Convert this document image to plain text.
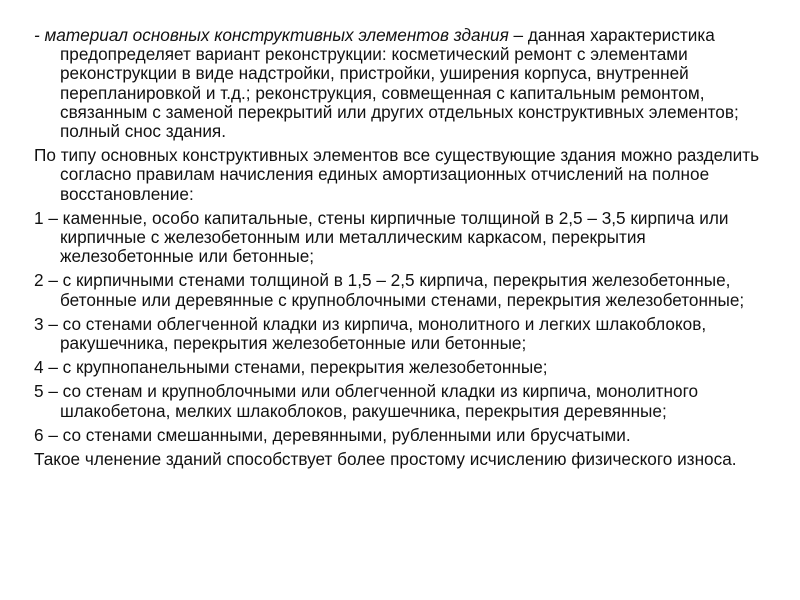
- материал основных конструктивных элементов здания – данная характеристика предопределяет вариант реконструкции: косметический ремонт с элементами реконструкции в виде надстройки, пристройки, уширения корпуса, внутренней перепланировкой и т.д.; реконструкция, совмещенная с капитальным ремонтом, связанным с заменой перекрытий или других отдельных конструктивных элементов; полный снос здания.

По типу основных конструктивных элементов все существующие здания можно разделить согласно правилам начисления единых амортизационных отчислений на полное восстановление:

1 – каменные, особо капитальные, стены кирпичные толщиной в 2,5 – 3,5 кирпича или кирпичные с железобетонным или металлическим каркасом, перекрытия железобетонные или бетонные;

2 – с кирпичными стенами толщиной в 1,5 – 2,5 кирпича, перекрытия железобетонные, бетонные или деревянные с крупноблочными стенами, перекрытия железобетонные;

3 – со стенами облегченной кладки из кирпича, монолитного и легких шлакоблоков, ракушечника, перекрытия железобетонные или бетонные;

4 – с крупнопанельными стенами, перекрытия железобетонные;

5 – со стенам и крупноблочными или облегченной кладки из кирпича, монолитного шлакобетона, мелких шлакоблоков, ракушечника, перекрытия деревянные;

6 – со стенами смешанными, деревянными, рубленными или брусчатыми.

Такое членение зданий способствует более простому исчислению физического износа.
